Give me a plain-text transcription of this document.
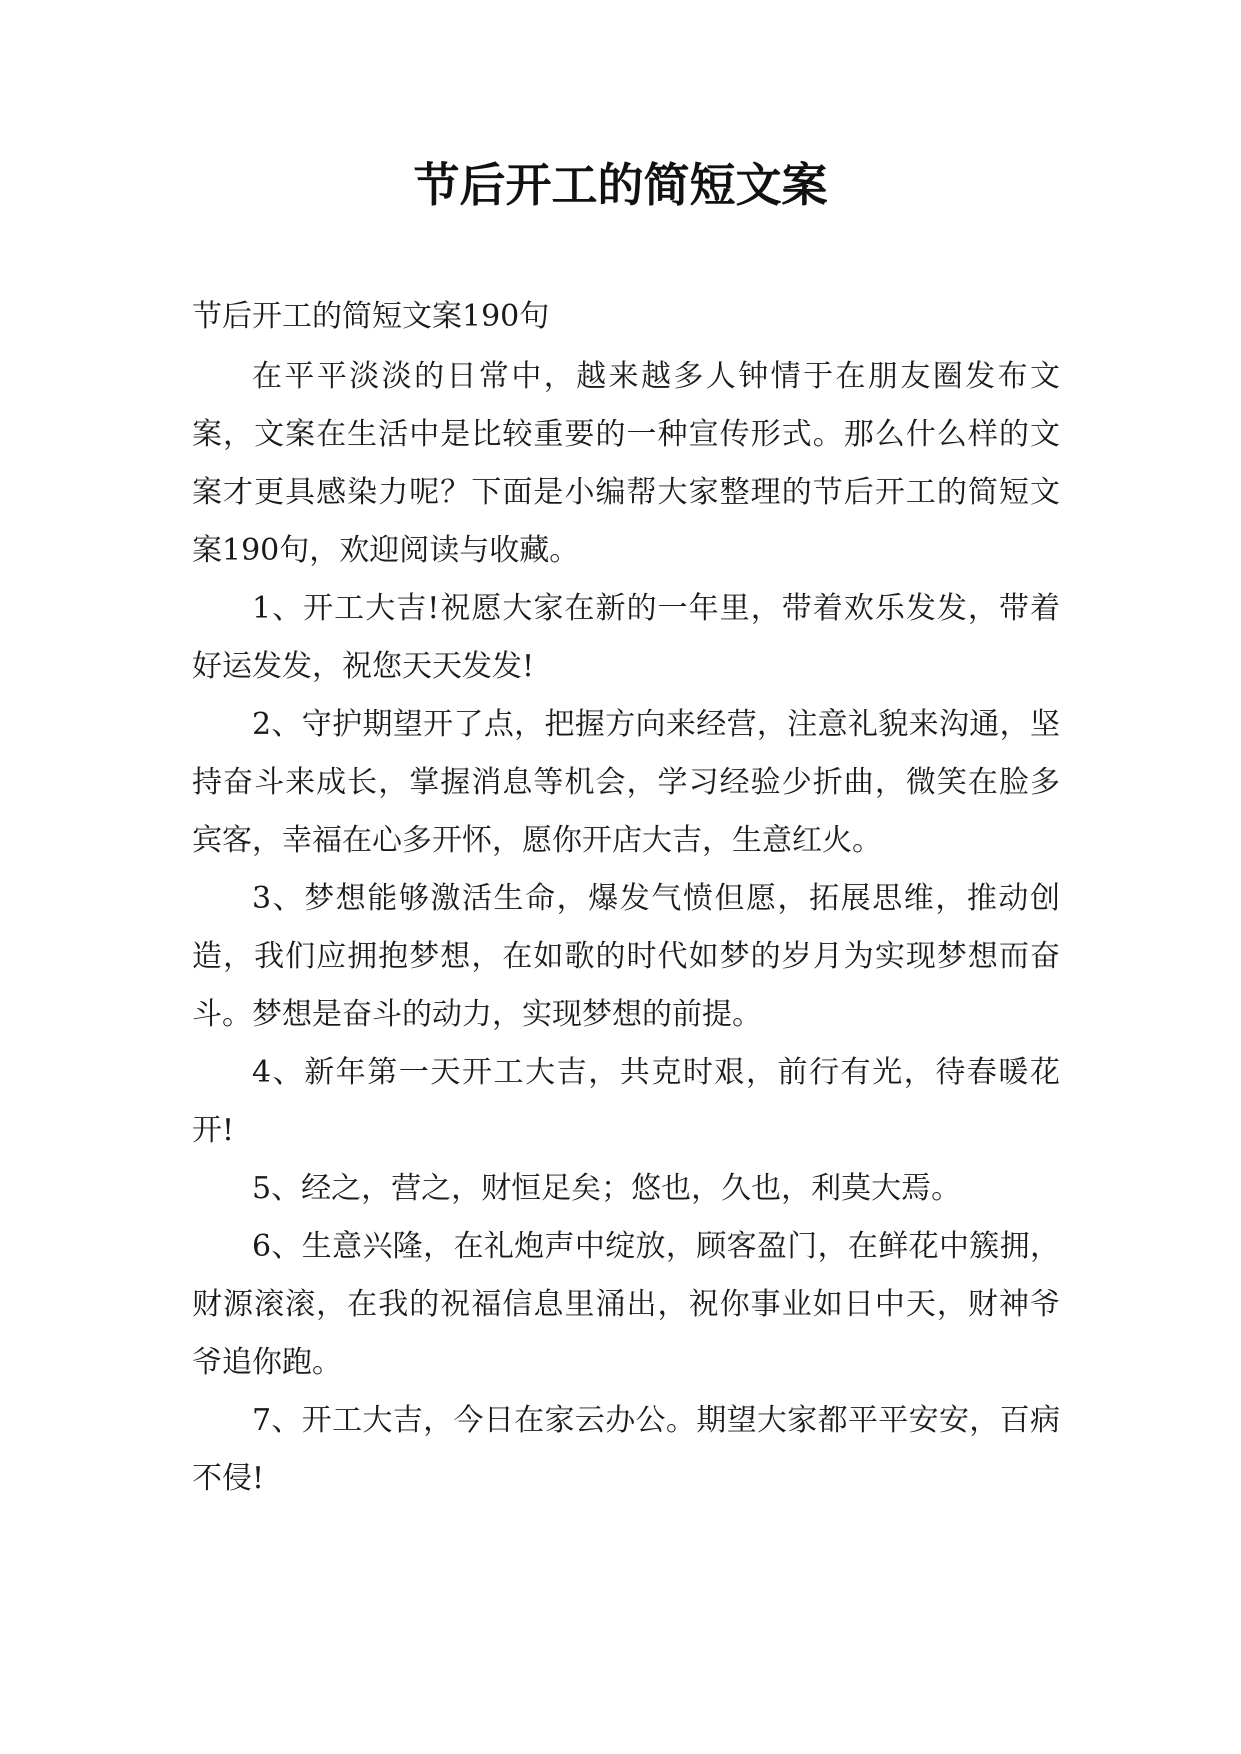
节后开工的简短文案

节后开工的简短文案190句

在平平淡淡的日常中，越来越多人钟情于在朋友圈发布文案，文案在生活中是比较重要的一种宣传形式。那么什么样的文案才更具感染力呢？下面是小编帮大家整理的节后开工的简短文案190句，欢迎阅读与收藏。

1、开工大吉!祝愿大家在新的一年里，带着欢乐发发，带着好运发发，祝您天天发发!

2、守护期望开了点，把握方向来经营，注意礼貌来沟通，坚持奋斗来成长，掌握消息等机会，学习经验少折曲，微笑在脸多宾客，幸福在心多开怀，愿你开店大吉，生意红火。

3、梦想能够激活生命，爆发气愤但愿，拓展思维，推动创造，我们应拥抱梦想，在如歌的时代如梦的岁月为实现梦想而奋斗。梦想是奋斗的动力，实现梦想的前提。

4、新年第一天开工大吉，共克时艰，前行有光，待春暖花开!

5、经之，营之，财恒足矣；悠也，久也，利莫大焉。

6、生意兴隆，在礼炮声中绽放，顾客盈门，在鲜花中簇拥，财源滚滚，在我的祝福信息里涌出，祝你事业如日中天，财神爷爷追你跑。

7、开工大吉，今日在家云办公。期望大家都平平安安，百病不侵!
